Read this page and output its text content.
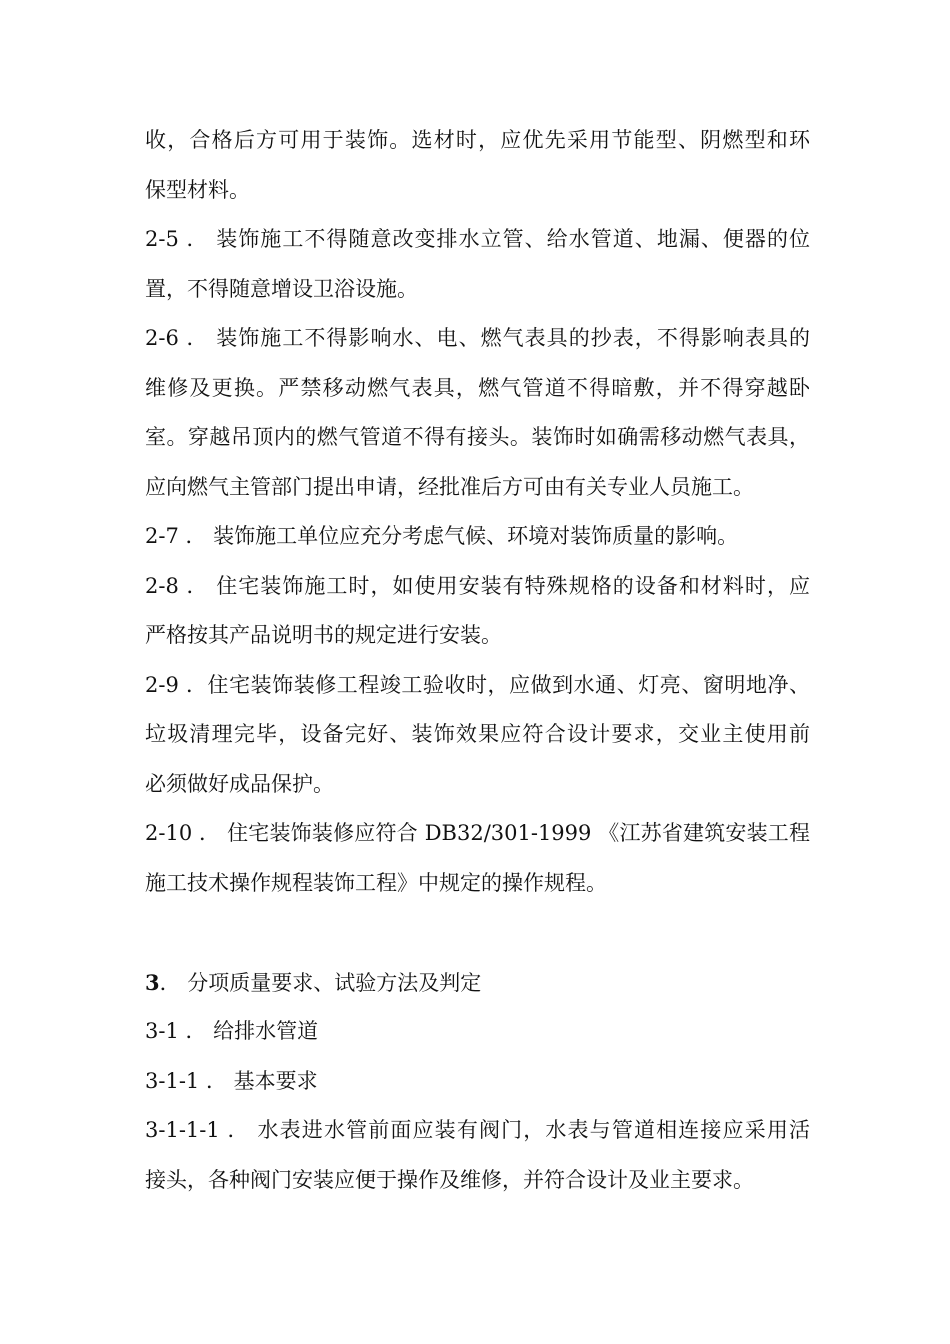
收，合格后方可用于装饰。选材时，应优先采用节能型、阴燃型和环
保型材料。
2-5 ． 装饰施工不得随意改变排水立管、给水管道、地漏、便器的位
置，不得随意增设卫浴设施。
2-6 ． 装饰施工不得影响水、电、燃气表具的抄表，不得影响表具的
维修及更换。严禁移动燃气表具，燃气管道不得暗敷，并不得穿越卧
室。穿越吊顶内的燃气管道不得有接头。装饰时如确需移动燃气表具，
应向燃气主管部门提出申请，经批准后方可由有关专业人员施工。
2-7 ． 装饰施工单位应充分考虑气候、环境对装饰质量的影响。
2-8 ． 住宅装饰施工时，如使用安装有特殊规格的设备和材料时，应
严格按其产品说明书的规定进行安装。
2-9 ．住宅装饰装修工程竣工验收时，应做到水通、灯亮、窗明地净、
垃圾清理完毕，设备完好、装饰效果应符合设计要求，交业主使用前
必须做好成品保护。
2-10 ． 住宅装饰装修应符合 DB32/301-1999 《江苏省建筑安装工程
施工技术操作规程装饰工程》中规定的操作规程。
3． 分项质量要求、试验方法及判定
3-1 ． 给排水管道
3-1-1 ． 基本要求
3-1-1-1 ． 水表进水管前面应装有阀门，水表与管道相连接应采用活
接头，各种阀门安装应便于操作及维修，并符合设计及业主要求。
